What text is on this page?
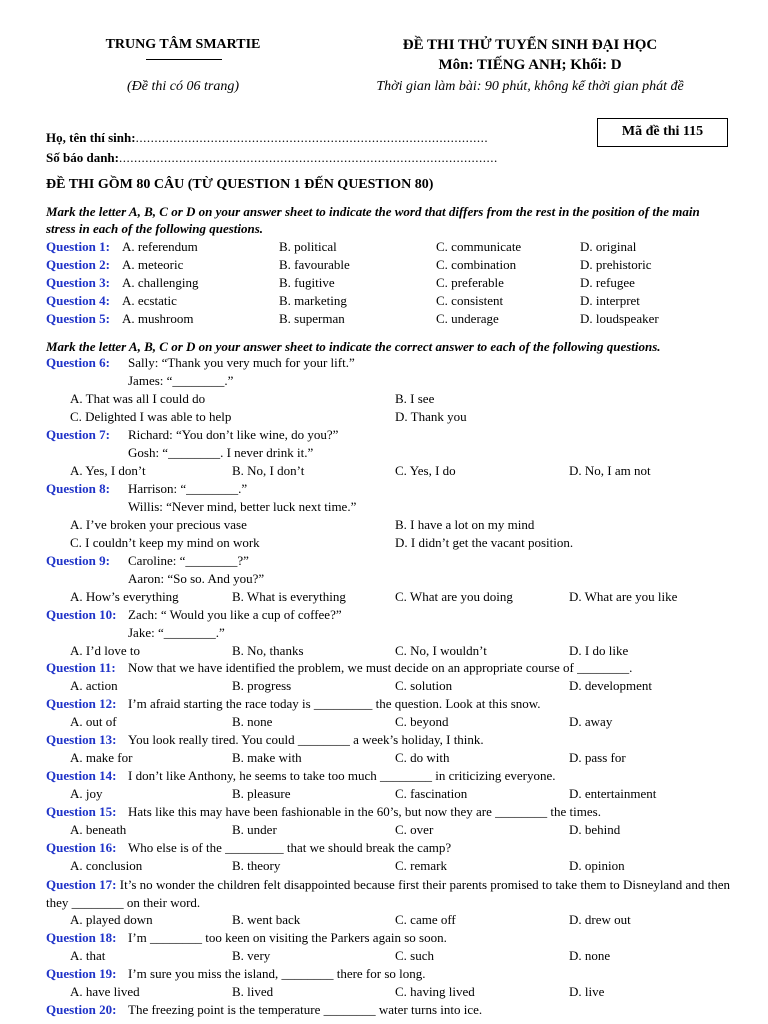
TRUNG TÂM SMARTIE
(Đề thi có 06 trang)
ĐỀ THI THỬ TUYỂN SINH ĐẠI HỌC
Môn: TIẾNG ANH; Khối: D
Thời gian làm bài: 90 phút, không kể thời gian phát đề
Họ, tên thí sinh:..............................................................................................
Số báo danh:.....................................................................................................
Mã đề thi 115
ĐỀ THI GỒM 80 CÂU (TỪ QUESTION 1 ĐẾN QUESTION 80)
Mark the letter A, B, C or D on your answer sheet to indicate the word that differs from the rest in the position of the main stress in each of the following questions.
Question 1: A. referendum	B. political	C. communicate	D. original
Question 2: A. meteoric	B. favourable	C. combination	D. prehistoric
Question 3: A. challenging	B. fugitive	C. preferable	D. refugee
Question 4: A. ecstatic	B. marketing	C. consistent	D. interpret
Question 5: A. mushroom	B. superman	C. underage	D. loudspeaker
Mark the letter A, B, C or D on your answer sheet to indicate the correct answer to each of the following questions.
Question 6: Sally: “Thank you very much for your lift.”
James: “________.”
A. That was all I could do	B. I see
C. Delighted I was able to help	D. Thank you
Question 7: Richard: “You don’t like wine, do you?”
Gosh: “________. I never drink it.”
A. Yes, I don’t	B. No, I don’t	C. Yes, I do	D. No, I am not
Question 8: Harrison: “________.”
Willis: “Never mind, better luck next time.”
A. I’ve broken your precious vase	B. I have a lot on my mind
C. I couldn’t keep my mind on work	D. I didn’t get the vacant position.
Question 9: Caroline: “________?”
Aaron: “So so. And you?”
A. How’s everything	B. What is everything	C. What are you doing	D. What are you like
Question 10: Zach: “ Would you like a cup of coffee?”
Jake: “________.”
A. I’d love to	B. No, thanks	C. No, I wouldn’t	D. I do like
Question 11: Now that we have identified the problem, we must decide on an appropriate course of ________.
A. action	B. progress	C. solution	D. development
Question 12: I’m afraid starting the race today is _________ the question. Look at this snow.
A. out of	B. none	C. beyond	D. away
Question 13: You look really tired. You could ________ a week’s holiday, I think.
A. make for	B. make with	C. do with	D. pass for
Question 14: I don’t like Anthony, he seems to take too much ________ in criticizing everyone.
A. joy	B. pleasure	C. fascination	D. entertainment
Question 15: Hats like this may have been fashionable in the 60’s, but now they are ________ the times.
A. beneath	B. under	C. over	D. behind
Question 16: Who else is of the _________ that we should break the camp?
A. conclusion	B. theory	C. remark	D. opinion
Question 17: It’s no wonder the children felt disappointed because first their parents promised to take them to Disneyland and then they ________ on their word.
A. played down	B. went back	C. came off	D. drew out
Question 18: I’m ________ too keen on visiting the Parkers again so soon.
A. that	B. very	C. such	D. none
Question 19: I’m sure you miss the island, ________ there for so long.
A. have lived	B. lived	C. having lived	D. live
Question 20: The freezing point is the temperature ________ water turns into ice.
